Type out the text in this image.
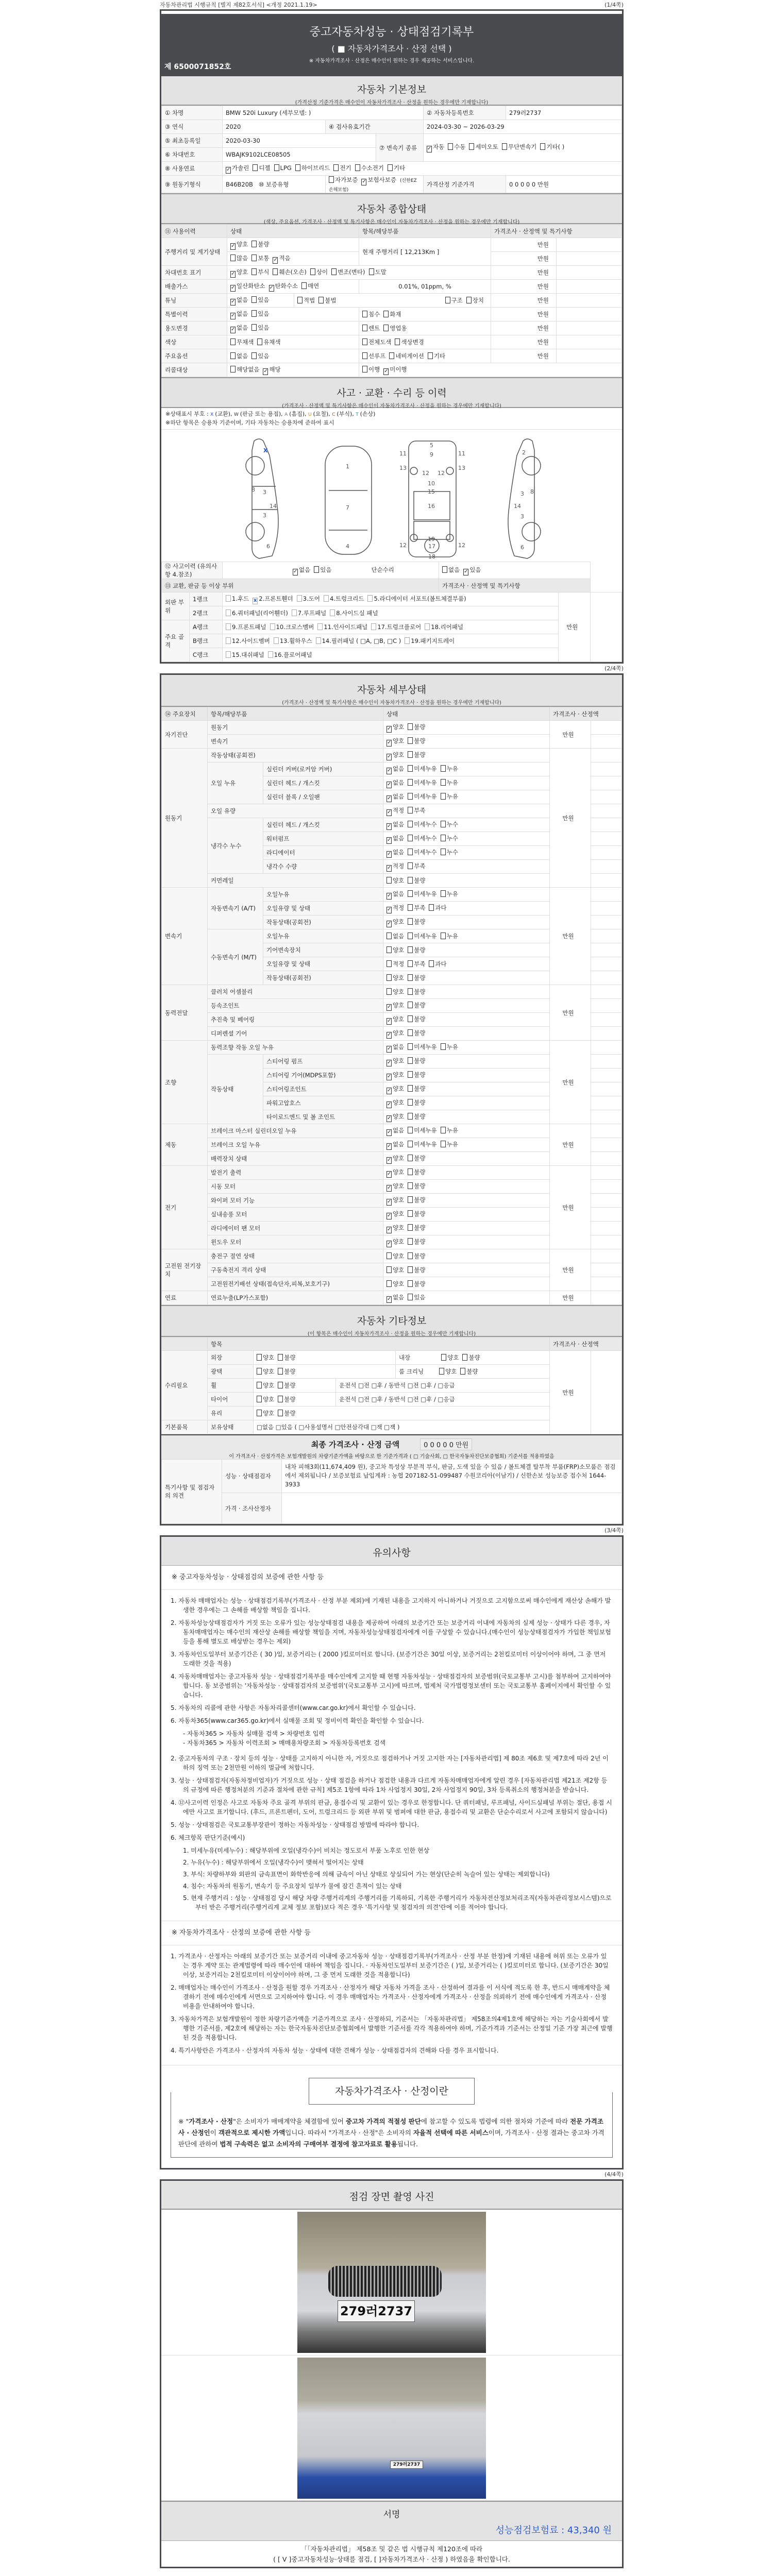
자동차관리법 시행규칙 [별지 제82호서식] <개정 2021.1.19>	(1/4쪽)
중고자동차성능 · 상태점검기록부
( ■ 자동차가격조사 · 산정 선택 )
※ 자동차가격조사 · 산정은 매수인이 원하는 경우 제공하는 서비스입니다.
제 6500071852호
자동차 기본정보
(가격산정 기준가격은 매수인이 자동차가격조사 · 산정을 원하는 경우에만 기재합니다)
① 차명	BMW 520i Luxury (세부모델: )			② 자동차등록번호	279러2737
③ 연식	2020	④ 검사유효기간		2024-03-30 ~ 2026-03-29	
⑤ 최초등록일	2020-03-30		⑦ 변속기 종류	✓ 자동 수동 세미오토 무단변속기 기타( )	
⑥ 차대번호	WBAJK9102LCE08505				
⑧ 사용연료	✓ 가솔린 디젤 LPG 하이브리드 전기 수소전기 기타				
⑨ 원동기형식	B46B20B ⑩ 보증유형	자가보증 ✓ 보험사보증 (신한EZ손해보험)		가격산정 기준가격	0 0 0 0 0 만원
자동차 종합상태
(색상, 주요옵션, 가격조사 · 산정액 및 특기사항은 매수인이 자동차가격조사 · 산정을 원하는 경우에만 기재합니다)
⑪ 사용이력	상태		항목/해당부품	가격조사 · 산정액 및 특기사항	
주행거리 및 계기상태	✓ 양호 불량		현재 주행거리 [ 12,213Km ]	만원	
	많음 보통 ✓ 적음			만원	
차대번호 표기	✓ 양호 부식 훼손(오손) 상이 변조(변타) 도말			만원	
배출가스	✓ 일산화탄소 ✓ 탄화수소 매연		0.01%, 01ppm, %	만원	
튜닝	✓ 없음 있음	적법 불법 구조 장치		만원	
특별이력	✓ 없음 있음		침수 화재	만원	
용도변경	✓ 없음 있음		렌트 영업용	만원	
색상	무채색 유채색		전체도색 색상변경	만원	
주요옵션	없음 있음		선루프 네비게이션 기타	만원	
리콜대상	해당없음 ✓ 해당		이행 ✓ 미이행		
사고 · 교환 · 수리 등 이력
(가격조사 · 산정액 및 특기사항은 매수인이 자동차가격조사 · 산정을 원하는 경우에만 기재합니다)
※상태표시 부호 : X (교환), W (판금 또는 용접), A (흠집), U (요철), C (부식), T (손상)
※하단 항목은 승용차 기준이며, 기타 자동차는 승용차에 준하여 표시
X
8 3
3
14
6
1
7
4
5
9
11	11
13	13
12 12
10
15
16
19
17
18
12	12
2
3 8
3
14
6
⑫ 사고이력 (유의사항 4.참조)		✓ 없음 있음 단순수리	없음 ✓ 있음		
⑬ 교환, 판금 등 이상 부위			가격조사 · 산정액 및 특기사항		
외판 부위	1랭크	1.후드 x 2.프론트휀더 3.도어 4.트렁크리드 5.라디에이터 서포트(볼트체결부품)		만원	
	2랭크	6.쿼터패널(리어휀더) 7.루프패널 8.사이드실 패널			
주요 골격	A랭크	9.프론트패널 10.크로스멤버 11.인사이드패널 17.트렁크플로어 18.리어패널			
	B랭크	12.사이드멤버 13.휠하우스 14.필러패널 ( □A, □B, □C ) 19.패키지트레이			
	C랭크	15.대쉬패널 16.플로어패널			
(2/4쪽)
자동차 세부상태
(가격조사 · 산정액 및 특기사항은 매수인이 자동차가격조사 · 산정을 원하는 경우에만 기재합니다)
⑭ 주요장치	항목/해당부품		상태	가격조사 · 산정액	
자기진단	원동기		✓ 양호 불량	만원	
	변속기		✓ 양호 불량		
원동기	작동상태(공회전)		✓ 양호 불량	만원	
	오일 누유	실린더 커버(로커암 커버)	✓ 없음 미세누유 누유		
		실린더 헤드 / 개스킷	✓ 없음 미세누유 누유		
		실린더 블록 / 오일팬	✓ 없음 미세누유 누유		
	오일 유량		✓ 적정 부족		
	냉각수 누수	실린더 헤드 / 개스킷	✓ 없음 미세누수 누수		
		워터펌프	✓ 없음 미세누수 누수		
		라디에이터	✓ 없음 미세누수 누수		
		냉각수 수량	✓ 적정 부족		
	커먼레일		양호 불량		
변속기	자동변속기 (A/T)	오일누유	✓ 없음 미세누유 누유	만원	
		오일유량 및 상태	✓ 적정 부족 과다		
		작동상태(공회전)	✓ 양호 불량		
	수동변속기 (M/T)	오일누유	없음 미세누유 누유		
		기어변속장치	양호 불량		
		오일유량 및 상태	적정 부족 과다		
		작동상태(공회전)	양호 불량		
동력전달	클러치 어셈블리		양호 불량	만원	
	등속조인트		✓ 양호 불량		
	추진축 및 베어링		✓ 양호 불량		
	디퍼렌셜 기어		✓ 양호 불량		
조향	동력조향 작동 오일 누유		✓ 없음 미세누유 누유	만원	
	작동상태	스티어링 펌프	✓ 양호 불량		
		스티어링 기어(MDPS포함)	✓ 양호 불량		
		스티어링조인트	✓ 양호 불량		
		파워고압호스	✓ 양호 불량		
		타이로드엔드 및 볼 조인트	✓ 양호 불량		
제동	브레이크 마스터 실린더오일 누유		✓ 없음 미세누유 누유	만원	
	브레이크 오일 누유		✓ 없음 미세누유 누유		
	배력장치 상태		✓ 양호 불량		
전기	발전기 출력		✓ 양호 불량	만원	
	시동 모터		✓ 양호 불량		
	와이퍼 모터 기능		✓ 양호 불량		
	실내송풍 모터		✓ 양호 불량		
	라디에이터 팬 모터		✓ 양호 불량		
	윈도우 모터		✓ 양호 불량		
고전원 전기장치	충전구 절연 상태		양호 불량	만원	
	구동축전지 격리 상태		양호 불량		
	고전원전기배선 상태(접속단자,피복,보호기구)		양호 불량		
연료	연료누출(LP가스포함)		✓ 없음 있음	만원	
자동차 기타정보
(이 항목은 매수인이 자동차가격조사 · 산정을 원하는 경우에만 기재합니다)
	항목				가격조사 · 산정액	
수리필요	외장	양호 불량		내장 양호 불량	만원	
	광택	양호 불량		룸 크리닝 양호 불량		
	휠	양호 불량	운전석 □전 □후 / 동반석 □전 □후 / □응급			
	타이어	양호 불량	운전석 □전 □후 / 동반석 □전 □후 / □응급			
	유리	양호 불량				
기본품목	보유상태	□없음 □있음 ( □사용설명서 □안전삼각대 □잭 □잭 )				
최종 가격조사 · 산정 금액	0 0 0 0 0 만원
이 가격조사 · 산정가격은 보험개발원의 차량기준가액을 바탕으로 한 기준가격과 ( □ 기술사회, □ 한국자동차진단보증협회) 기준서를 적용하였음
특기사항 및 점검자의 의견	성능 · 상태점검자	내차 피해3회(11,674,409 원), 중고차 특성상 부분적 부식, 판금, 도색 있을 수 있음 / 볼트체결 탈부착 부품(FRP)소모품은 점검에서 제외됩니다 / 보증보험료 납입계좌 : 농협 207182-51-099487 수원코리아(이남기) / 신한손보 성능보증 접수처 1644-3933
	가격 · 조사산정자	
(3/4쪽)
유의사항
※ 중고자동차성능 · 상태점검의 보증에 관한 사항 등
1. 자동차 매매업자는 성능 · 상태점검기록부(가격조사 · 산정 부분 제외)에 기재된 내용을 고지하지 아니하거나 거짓으로 고지함으로써 매수인에게 재산상 손해가 발생한 경우에는 그 손해를 배상할 책임을 집니다.
2. 자동차성능상태점검자가 거짓 또는 오류가 있는 성능상태점검 내용을 제공하여 아래의 보증기간 또는 보증거리 이내에 자동차의 실제 성능 · 상태가 다른 경우, 자동차매매업자는 매수인의 재산상 손해를 배상할 책임을 지며, 자동차성능상태점검자에게 이를 구상할 수 있습니다.(매수인이 성능상태점검자가 가입한 책임보험 등을 통해 별도로 배상받는 경우는 제외)
3. 자동차인도일부터 보증기간은 ( 30 )일, 보증거리는 ( 2000 )킬로미터로 합니다. (보증기간은 30일 이상, 보증거리는 2천킬로미터 이상이어야 하며, 그 중 먼저 도래한 것을 적용)
4. 자동차매매업자는 중고자동차 성능 · 상태점검기록부를 매수인에게 고지할 때 현행 자동차성능 · 상태점검자의 보증범위(국토교통부 고시)를 첨부하여 고지하여야 합니다. 동 보증범위는 '자동차성능 · 상태점검자의 보증범위'(국토교통부 고시)에 따르며, 법제처 국가법령정보센터 또는 국토교통부 홈페이지에서 확인할 수 있습니다.
5. 자동차의 리콜에 관한 사항은 자동차리콜센터(www.car.go.kr)에서 확인할 수 있습니다.
6. 자동차365(www.car365.go.kr)에서 실매물 조회 및 정비이력 확인을 확인할 수 있습니다.
- 자동차365 > 자동차 실매물 검색 > 차량번호 입력
- 자동차365 > 자동차 이력조회 > 매매용차량조회 > 자동차등록번호 검색
2. 중고자동차의 구조 · 장치 등의 성능 · 상태를 고지하지 아니한 자, 거짓으로 점검하거나 거짓 고지한 자는 [자동차관리법] 제 80조 제6호 및 제7호에 따라 2년 이하의 징역 또는 2천만원 이하의 벌금에 처합니다.
3. 성능 · 상태점검자(자동차정비업자)가 거짓으로 성능 · 상태 점검을 하거나 점검한 내용과 다르게 자동차매매업자에게 알린 경우 [자동차관리법 제21조 제2항 등의 규정에 따른 행정처분의 기준과 절차에 관한 규칙] 제5조 1항에 따라 1차 사업정지 30일, 2차 사업정지 90일, 3차 등록취소의 행정처분을 받습니다.
4. ⑫사고이력 인정은 사고로 자동차 주요 골격 부위의 판금, 용접수리 및 교환이 있는 경우로 한정합니다. 단 쿼터패널, 루프패널, 사이드실패널 부위는 절단, 용접 시에만 사고로 표기합니다. (후드, 프론트펜더, 도어, 트렁크리드 등 외판 부위 및 범퍼에 대한 판금, 용접수리 및 교환은 단순수리로서 사고에 포함되지 않습니다)
5. 성능 · 상태점검은 국토교통부장관이 정하는 자동차성능 · 상태점검 방법에 따라야 합니다.
6. 체크항목 판단기준(예시)
1. 미세누유(미세누수) : 해당부위에 오일(냉각수)이 비치는 정도로서 부품 노후로 인한 현상
2. 누유(누수) : 해당부위에서 오일(냉각수)이 맺혀서 떨어지는 상태
3. 부식: 차량하부와 외판의 금속표면이 화학반응에 의해 금속이 아닌 상태로 상실되어 가는 현상(단순히 녹슬어 있는 상태는 제외합니다)
4. 침수: 자동차의 원동기, 변속기 등 주요장치 일부가 물에 잠긴 흔적이 있는 상태
5. 현재 주행거리 : 성능 · 상태점검 당시 해당 차량 주행거리계의 주행거리를 기록하되, 기록한 주행거리가 자동차전산정보처리조직(자동차관리정보시스템)으로부터 받은 주행거리(주행거리계 교체 정보 포함)보다 적은 경우 '특기사항 및 점검자의 의견'란에 이를 적어야 합니다.
※ 자동차가격조사 · 산정의 보증에 관한 사항 등
1. 가격조사 · 산정자는 아래의 보증기간 또는 보증거리 이내에 중고자동차 성능 · 상태점검기록부(가격조사 · 산정 부분 한정)에 기재된 내용에 허위 또는 오류가 있는 경우 계약 또는 관계법령에 따라 매수인에 대하여 책임을 집니다. · 자동차인도일부터 보증기간은 ( )일, 보증거리는 ( )킬로미터로 합니다. (보증기간은 30일 이상, 보증거리는 2천킬로미터 이상이어야 하며, 그 중 먼저 도래한 것을 적용합니다)
2. 매매업자는 매수인이 가격조사 · 산정을 원할 경우 가격조사 · 산정자가 해당 자동차 가격을 조사 · 산정하여 결과를 이 서식에 적도록 한 후, 반드시 매매계약을 체결하기 전에 매수인에게 서면으로 고지하여야 합니다. 이 경우 매매업자는 가격조사 · 산정자에게 가격조사 · 산정을 의뢰하기 전에 매수인에게 가격조사 · 산정 비용을 안내하여야 합니다.
3. 자동차가격은 보험개발원이 정한 차량기준가액을 기준가격으로 조사 · 산정하되, 기준서는 「자동차관리법」 제58조의4제1호에 해당하는 자는 기술사회에서 발행한 기준서를, 제2호에 해당하는 자는 한국자동차진단보증협회에서 발행한 기준서를 각각 적용하여야 하며, 기준가격과 기준서는 산정일 기준 가장 최근에 발행된 것을 적용합니다.
4. 특기사항란은 가격조사 · 산정자의 자동차 성능 · 상태에 대한 견해가 성능 · 상태점검자의 견해와 다를 경우 표시합니다.
자동차가격조사 · 산정이란
※ "가격조사 · 산정"은 소비자가 매매계약을 체결함에 있어 중고차 가격의 적절성 판단에 참고할 수 있도록 법령에 의한 절차와 기준에 따라 전문 가격조사 · 산정인이 객관적으로 제시한 가액입니다. 따라서 "가격조사 · 산정"은 소비자의 자율적 선택에 따른 서비스이며, 가격조사 · 산정 결과는 중고차 가격판단에 관하여 법적 구속력은 없고 소비자의 구매여부 결정에 참고자료로 활용됩니다.
(4/4쪽)
점검 장면 촬영 사진
279러2737
279러2737
서명
성능점검보험료 : 43,340 원
「「자동차관리법」 제58조 및 같은 법 시행규칙 제120조에 따라
( [ V ]중고자동차성능·상태를 점검, [ ]자동차가격조사 · 산정 ) 하였음을 확인합니다.
